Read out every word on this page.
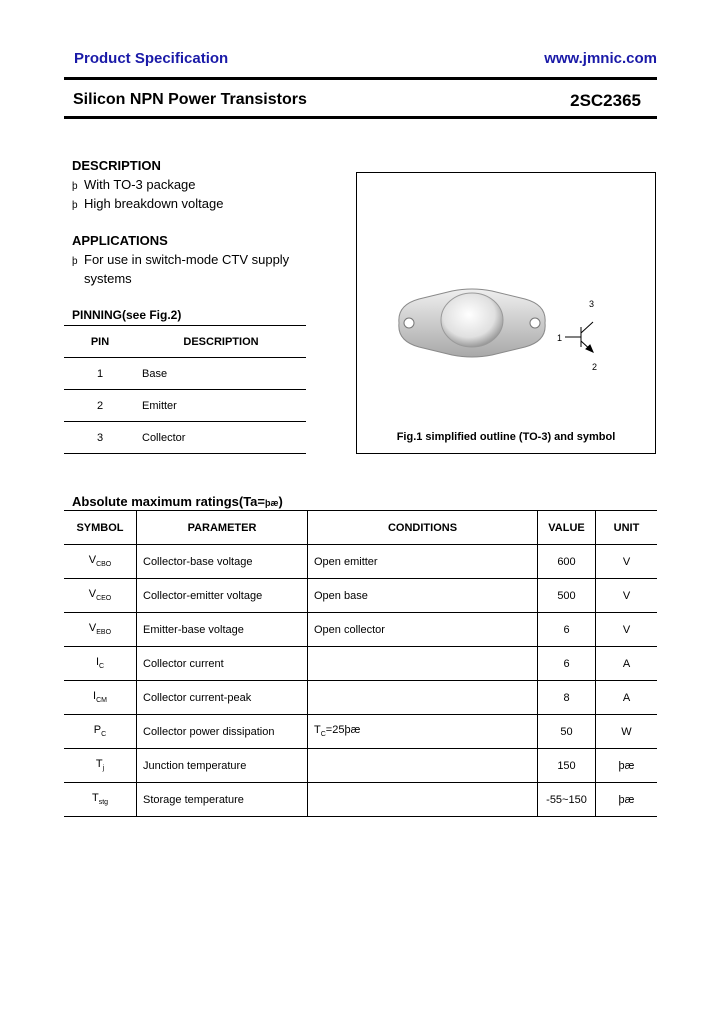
Product Specification	www.jmnic.com
Silicon NPN Power Transistors	2SC2365
DESCRIPTION
þ With TO-3 package
þ High breakdown voltage
APPLICATIONS
þ For use in switch-mode CTV supply
systems
PINNING(see Fig.2)
PIN	DESCRIPTION
1	Base
2	Emitter
3	Collector
1
2
3
Fig.1 simplified outline (TO-3) and symbol
Absolute maximum ratings(Ta=þæ)
SYMBOL	PARAMETER	CONDITIONS	VALUE	UNIT
$V_{CBO}$	Collector-base voltage	Open emitter	600	V
$V_{CEO}$	Collector-emitter voltage	Open base	500	V
$V_{EBO}$	Emitter-base voltage	Open collector	6	V
$I_C$	Collector current		6	A
$I_{CM}$	Collector current-peak		8	A
$P_C$	Collector power dissipation	$T_C=25þæ$	50	W
$T_j$	Junction temperature		150	þæ
$T_{stg}$	Storage temperature		-55~150	þæ
